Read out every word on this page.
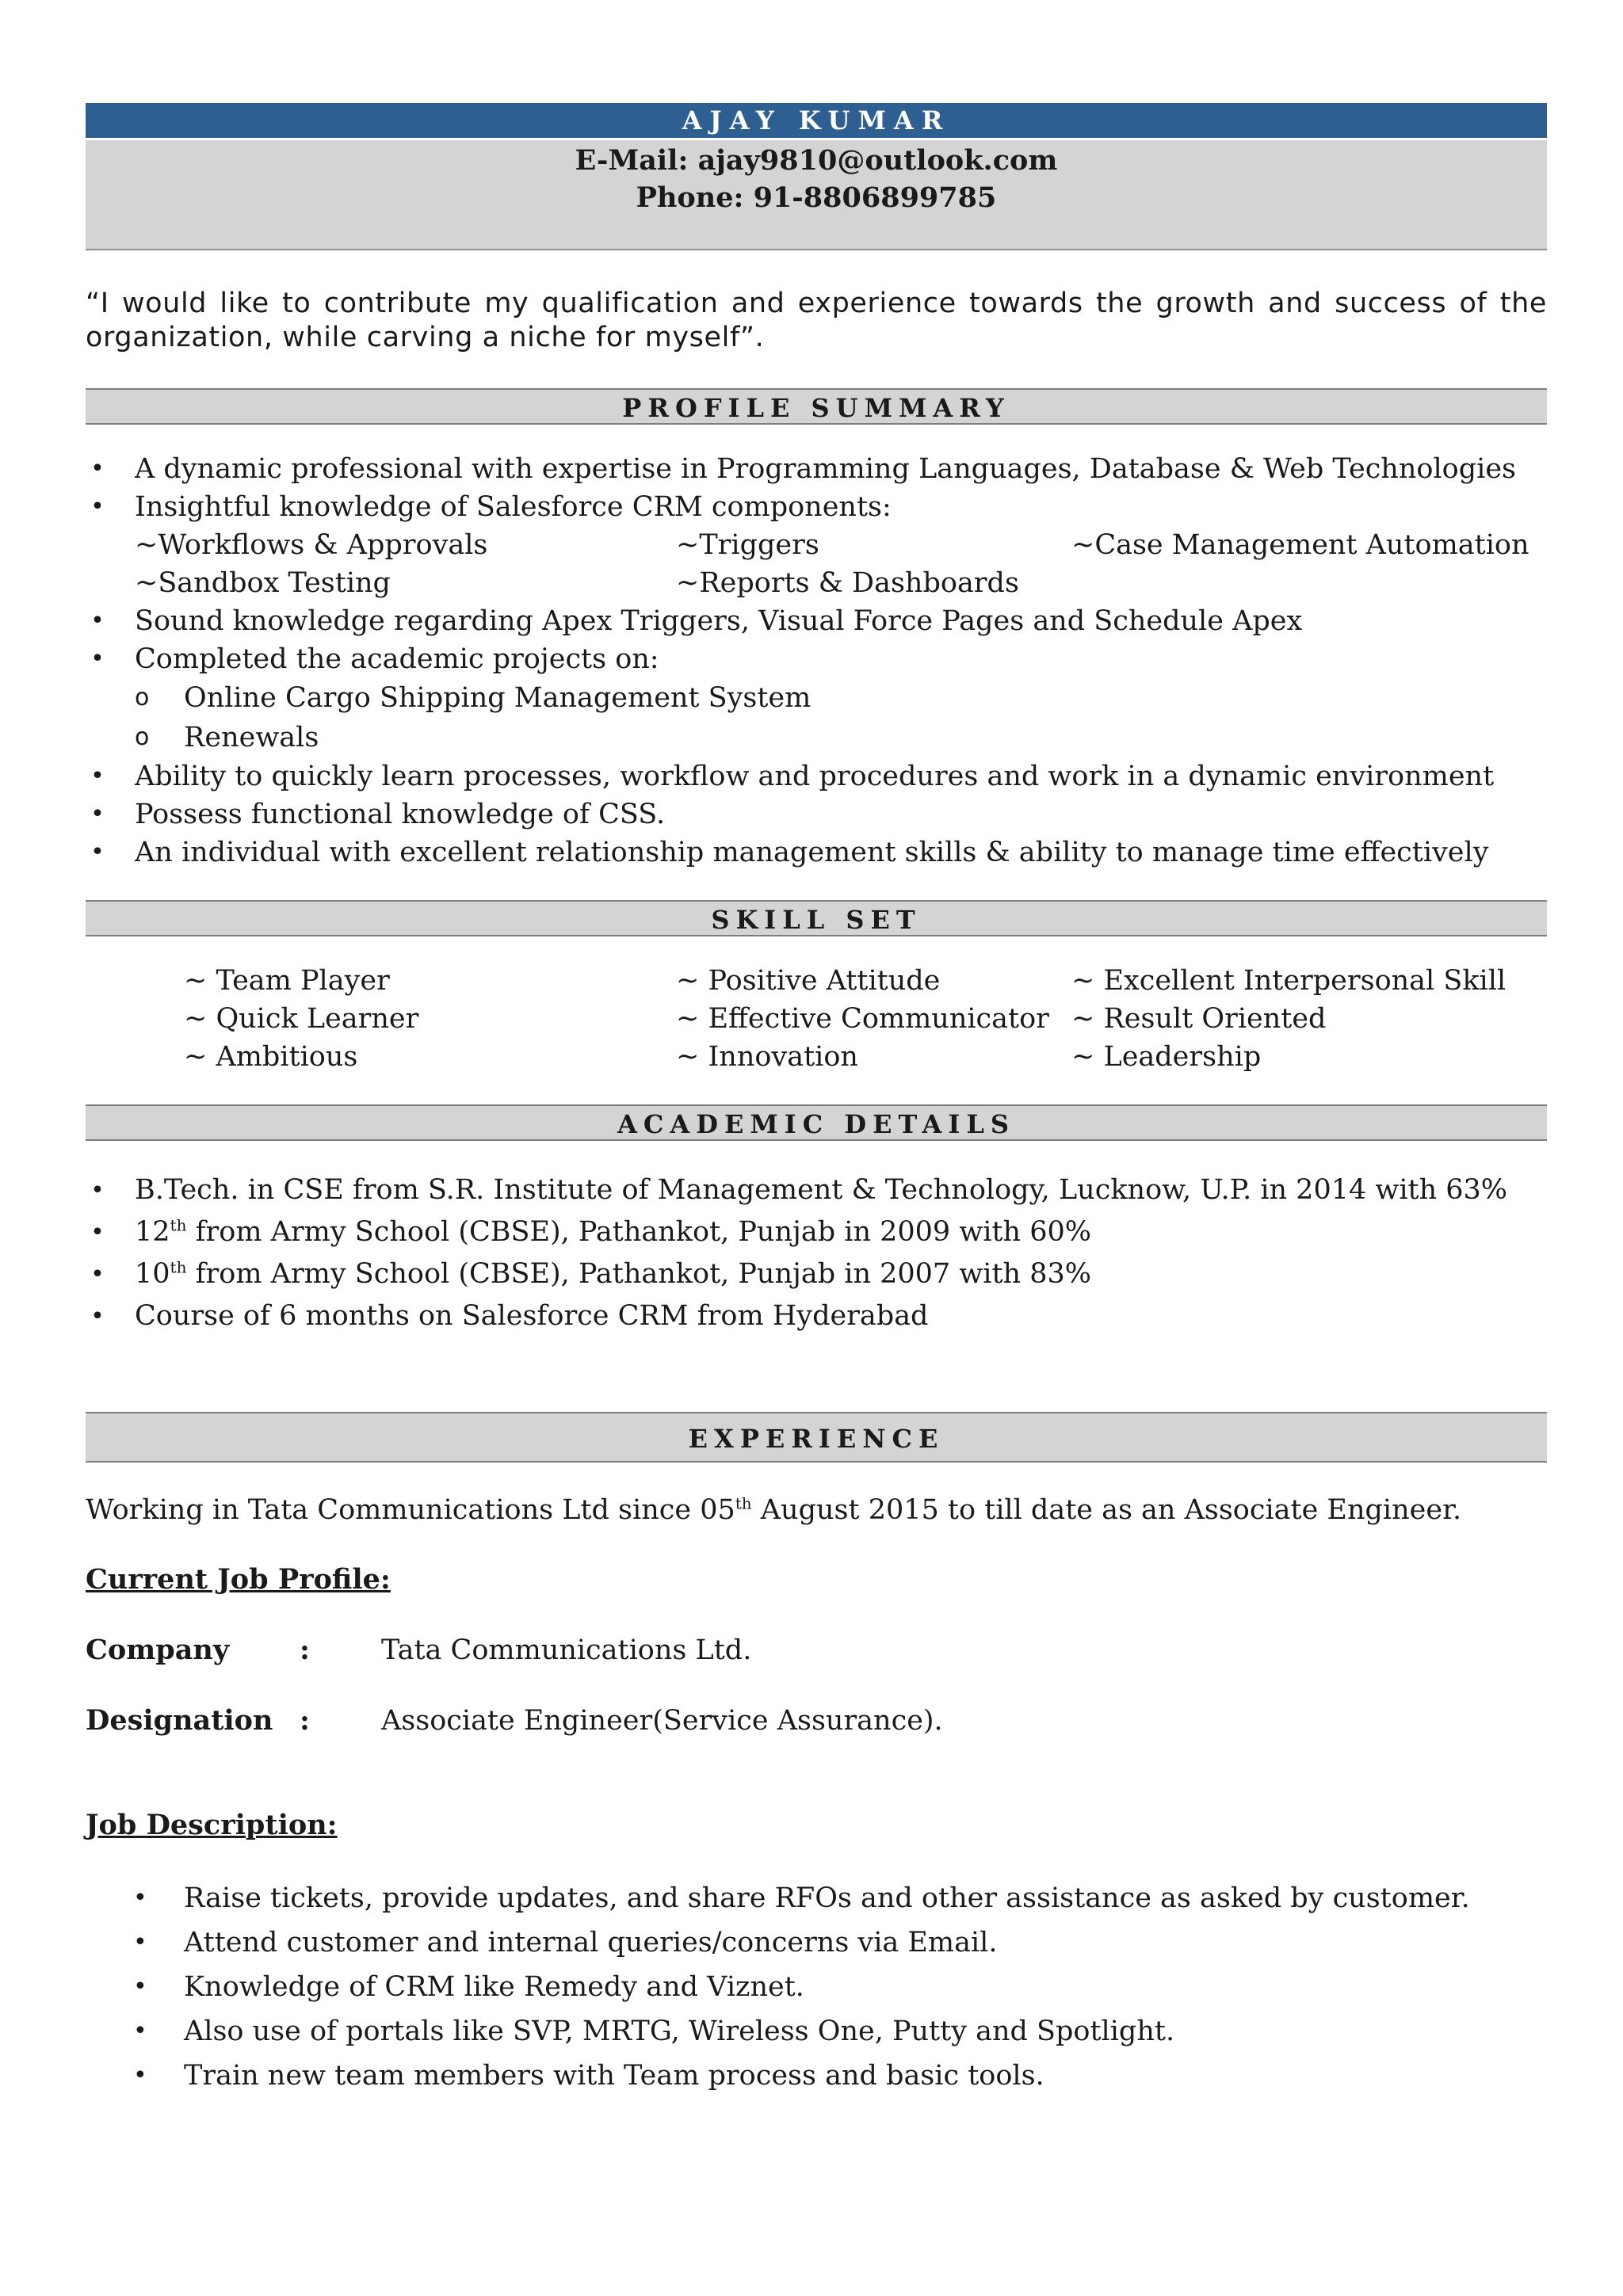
AJAY KUMAR
E-Mail: ajay9810@outlook.com
Phone: 91-8806899785
“I would like to contribute my qualification and experience towards the growth and success of the organization, while carving a niche for myself”.
PROFILE SUMMARY
• A dynamic professional with expertise in Programming Languages, Database & Web Technologies
• Insightful knowledge of Salesforce CRM components:
~Workflows & Approvals	~Triggers	~Case Management Automation
~Sandbox Testing	~Reports & Dashboards
• Sound knowledge regarding Apex Triggers, Visual Force Pages and Schedule Apex
• Completed the academic projects on:
o Online Cargo Shipping Management System
o Renewals
• Ability to quickly learn processes, workflow and procedures and work in a dynamic environment
• Possess functional knowledge of CSS.
• An individual with excellent relationship management skills & ability to manage time effectively
SKILL SET
~ Team Player	~ Positive Attitude	~ Excellent Interpersonal Skill
~ Quick Learner	~ Effective Communicator ~ Result Oriented
~ Ambitious	~ Innovation	~ Leadership
ACADEMIC DETAILS
• B.Tech. in CSE from S.R. Institute of Management & Technology, Lucknow, U.P. in 2014 with 63%
• 12th from Army School (CBSE), Pathankot, Punjab in 2009 with 60%
• 10th from Army School (CBSE), Pathankot, Punjab in 2007 with 83%
• Course of 6 months on Salesforce CRM from Hyderabad
EXPERIENCE
Working in Tata Communications Ltd since 05th August 2015 to till date as an Associate Engineer.
Current Job Profile:
Company	:	Tata Communications Ltd.
Designation :	Associate Engineer(Service Assurance).
Job Description:
• Raise tickets, provide updates, and share RFOs and other assistance as asked by customer.
• Attend customer and internal queries/concerns via Email.
• Knowledge of CRM like Remedy and Viznet.
• Also use of portals like SVP, MRTG, Wireless One, Putty and Spotlight.
• Train new team members with Team process and basic tools.
